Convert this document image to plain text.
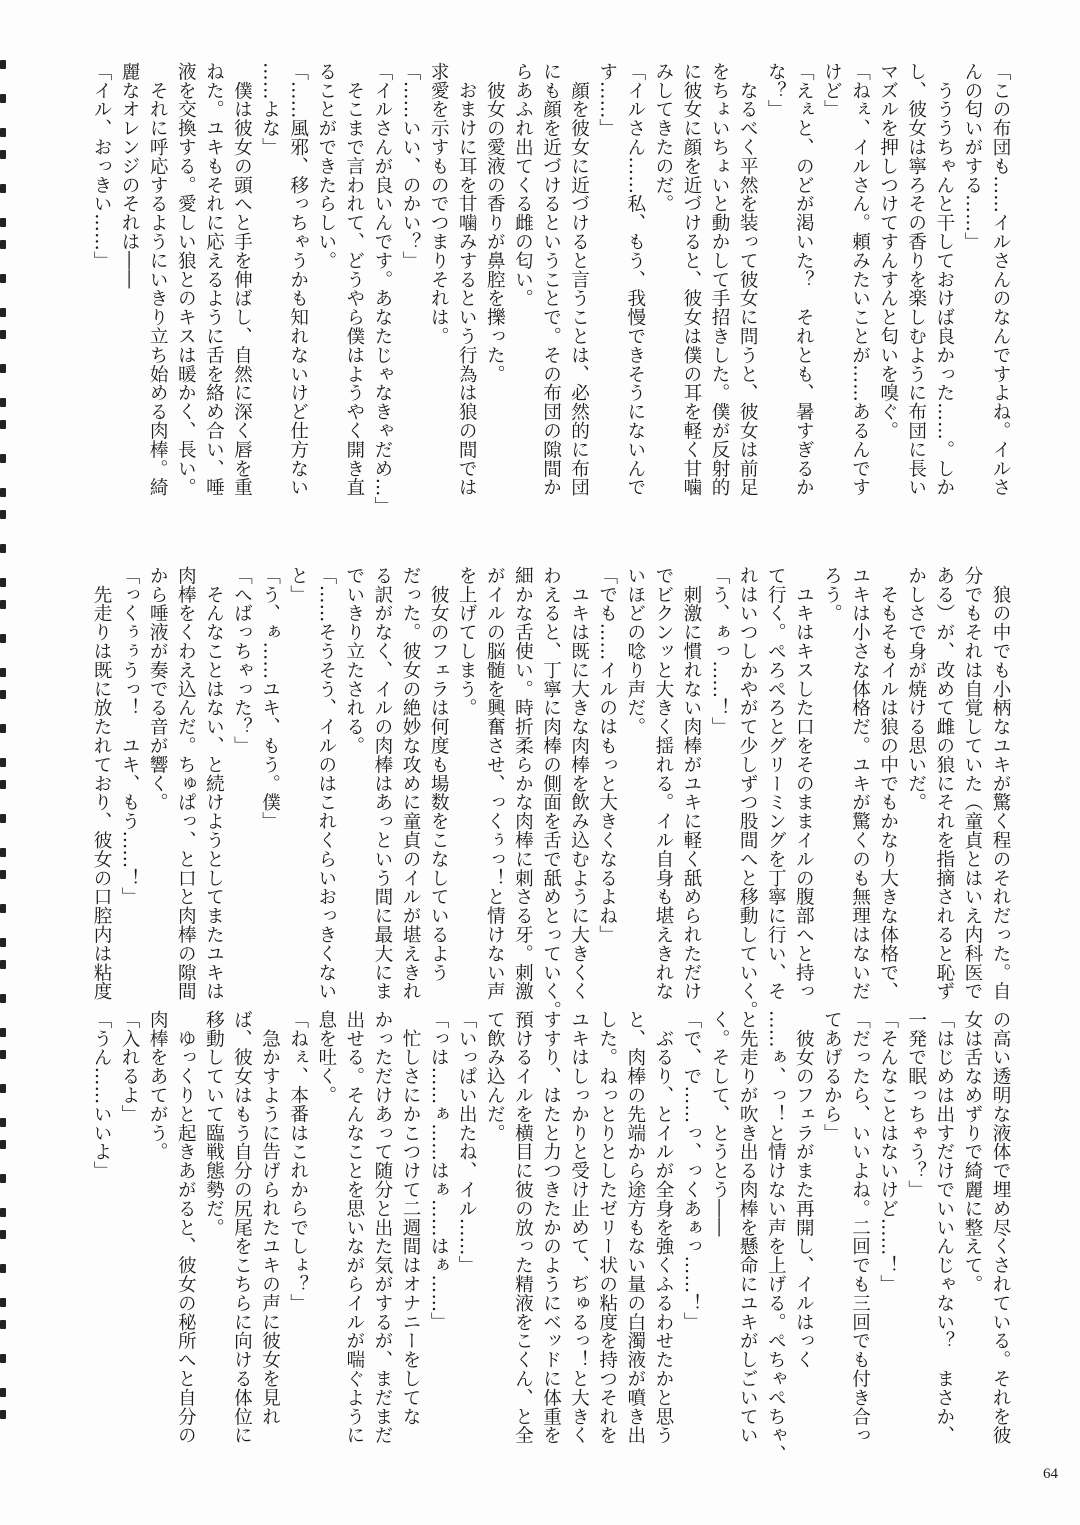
「この布団も……イルさんのなんですよね。イルさ
んの匂いがする……」
　うううちゃんと干しておけば良かった……。しか
し、彼女は寧ろその香りを楽しむように布団に長い
マズルを押しつけてすんすんと匂いを嗅ぐ。
「ねぇ、イルさん。頼みたいことが……あるんです
けど」
「えぇと、のどが渇いた？　それとも、暑すぎるか
な？」
　なるべく平然を装って彼女に問うと、彼女は前足
をちょいちょいと動かして手招きした。僕が反射的
に彼女に顔を近づけると、彼女は僕の耳を軽く甘噛
みしてきたのだ。
「イルさん……私、もう、我慢できそうにないんで
す……」
　顔を彼女に近づけると言うことは、必然的に布団
にも顔を近づけるということで。その布団の隙間か
らあふれ出てくる雌の匂い。
　彼女の愛液の香りが鼻腔を擽った。
　おまけに耳を甘噛みするという行為は狼の間では
求愛を示すものでつまりそれは。
「……いい、のかい？」
「イルさんが良いんです。あなたじゃなきゃだめ…」
　そこまで言われて、どうやら僕はようやく開き直
ることができたらしい。
「……風邪、移っちゃうかも知れないけど仕方ない
……よな」
　僕は彼女の頭へと手を伸ばし、自然に深く唇を重
ねた。ユキもそれに応えるように舌を絡め合い、唾
液を交換する。愛しい狼とのキスは暖かく、長い。
　それに呼応するようにいきり立ち始める肉棒。綺
麗なオレンジのそれは――
「イル、おっきい……」
　狼の中でも小柄なユキが驚く程のそれだった。自
分でもそれは自覚していた（童貞とはいえ内科医で
ある）が、改めて雌の狼にそれを指摘されると恥ず
かしさで身が焼ける思いだ。
　そもそもイルは狼の中でもかなり大きな体格で、
ユキは小さな体格だ。ユキが驚くのも無理はないだ
ろう。
　ユキはキスした口をそのままイルの腹部へと持っ
て行く。ぺろぺろとグリーミングを丁寧に行い、そ
れはいつしかやがて少しずつ股間へと移動していく。
「う、ぁっ……！」
　刺激に慣れない肉棒がユキに軽く舐められただけ
でビクンッと大きく揺れる。イル自身も堪えきれな
いほどの唸り声だ。
「でも……イルのはもっと大きくなるよね」
　ユキは既に大きな肉棒を飲み込むように大きくく
わえると、丁寧に肉棒の側面を舌で舐めとっていく。
細かな舌使い。時折柔らかな肉棒に刺さる牙。刺激
がイルの脳髄を興奮させ、っくぅっ！と情けない声
を上げてしまう。
　彼女のフェラは何度も場数をこなしているよう
だった。彼女の絶妙な攻めに童貞のイルが堪えきれ
る訳がなく、イルの肉棒はあっという間に最大にま
でいきり立たされる。
「……そうそう、イルのはこれくらいおっきくない
と」
「う、ぁ……ユキ、もう。僕」
「へばっちゃった？」
　そんなことはない、と続けようとしてまたユキは
肉棒をくわえ込んだ。ちゅぱっ、と口と肉棒の隙間
から唾液が奏でる音が響く。
「っくぅぅうっ！　ユキ、もう……！」
　先走りは既に放たれており、彼女の口腔内は粘度
の高い透明な液体で埋め尽くされている。それを彼
女は舌なめずりで綺麗に整えて。
「はじめは出すだけでいいんじゃない？　まさか、
一発で眠っちゃう？」
「そんなことはないけど……！」
「だったら、いいよね。二回でも三回でも付き合っ
てあげるから」
　彼女のフェラがまた再開し、イルはっく
……ぁ、っ！と情けない声を上げる。ぺちゃぺちゃ、
と先走りが吹き出る肉棒を懸命にユキがしごいてい
く。そして、とうとう――
「で、で……っ、っくあぁっ……！」
　ぶるり、とイルが全身を強くふるわせたかと思う
と、肉棒の先端から途方もない量の白濁液が噴き出
した。ねっとりとしたゼリー状の粘度を持つそれを
ユキはしっかりと受け止めて、ぢゅるっ！と大きく
すすり、はたと力つきたかのようにベッドに体重を
預けるイルを横目に彼の放った精液をこくん、と全
て飲み込んだ。
「いっぱい出たね、イル……」
「っは……ぁ……はぁ……はぁ……」
　忙しさにかこつけて二週間はオナニーをしてな
かっただけあって随分と出た気がするが、まだまだ
出せる。そんなことを思いながらイルが喘ぐように
息を吐く。
「ねぇ、本番はこれからでしょ？」
　急かすように告げられたユキの声に彼女を見れ
ば、彼女はもう自分の尻尾をこちらに向ける体位に
移動していて臨戦態勢だ。
　ゆっくりと起きあがると、彼女の秘所へと自分の
肉棒をあてがう。
「入れるよ」
「うん……いいよ」
64
